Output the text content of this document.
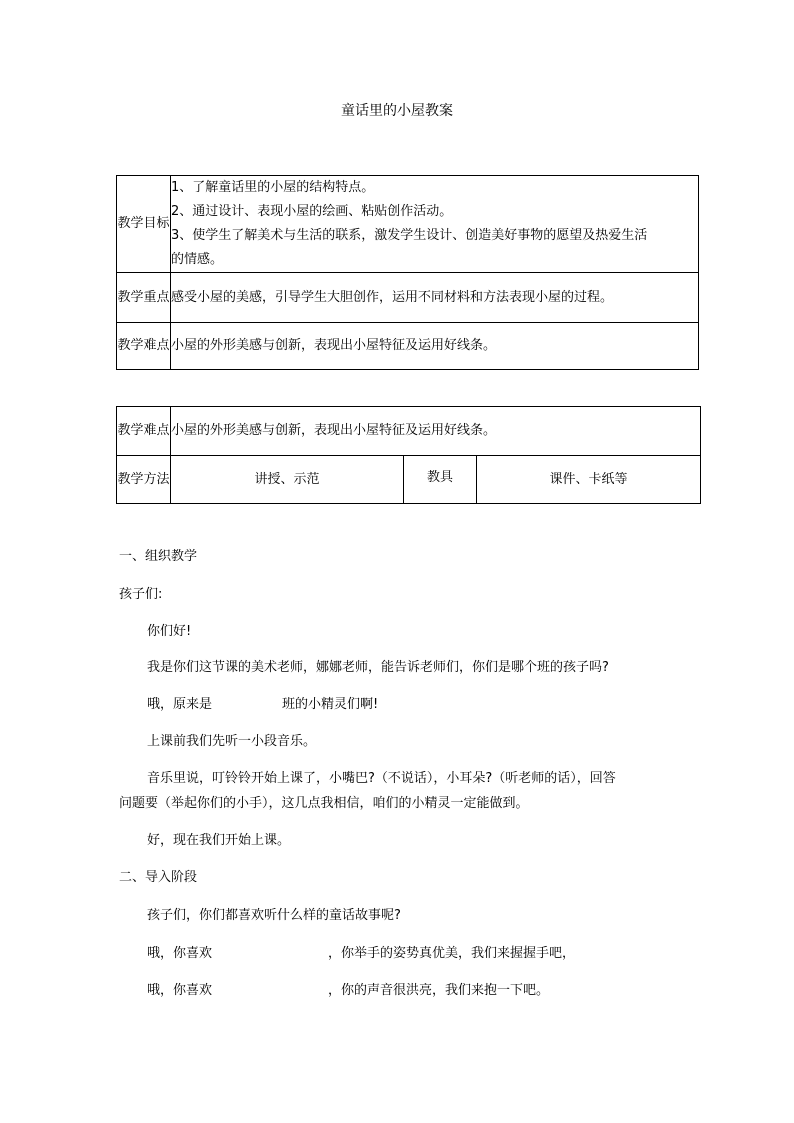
童话里的小屋教案
教学目标	1、了解童话里的小屋的结构特点。
2、通过设计、表现小屋的绘画、粘贴创作活动。
3、使学生了解美术与生活的联系，激发学生设计、创造美好事物的愿望及热爱生活
的情感。

教学重点	感受小屋的美感，引导学生大胆创作，运用不同材料和方法表现小屋的过程。
教学难点	小屋的外形美感与创新，表现出小屋特征及运用好线条。
教学难点	小屋的外形美感与创新，表现出小屋特征及运用好线条。		
教学方法	讲授、示范	教具	课件、卡纸等
一、组织教学
孩子们:
你们好!
我是你们这节课的美术老师，娜娜老师，能告诉老师们，你们是哪个班的孩子吗?
哦，原来是	班的小精灵们啊!
上课前我们先听一小段音乐。
音乐里说，叮铃铃开始上课了，小嘴巴?（不说话），小耳朵?（听老师的话），回答
问题要（举起你们的小手），这几点我相信，咱们的小精灵一定能做到。
好，现在我们开始上课。
二、导入阶段
孩子们，你们都喜欢听什么样的童话故事呢?
哦，你喜欢	，你举手的姿势真优美，我们来握握手吧，
哦，你喜欢	，你的声音很洪亮，我们来抱一下吧。
